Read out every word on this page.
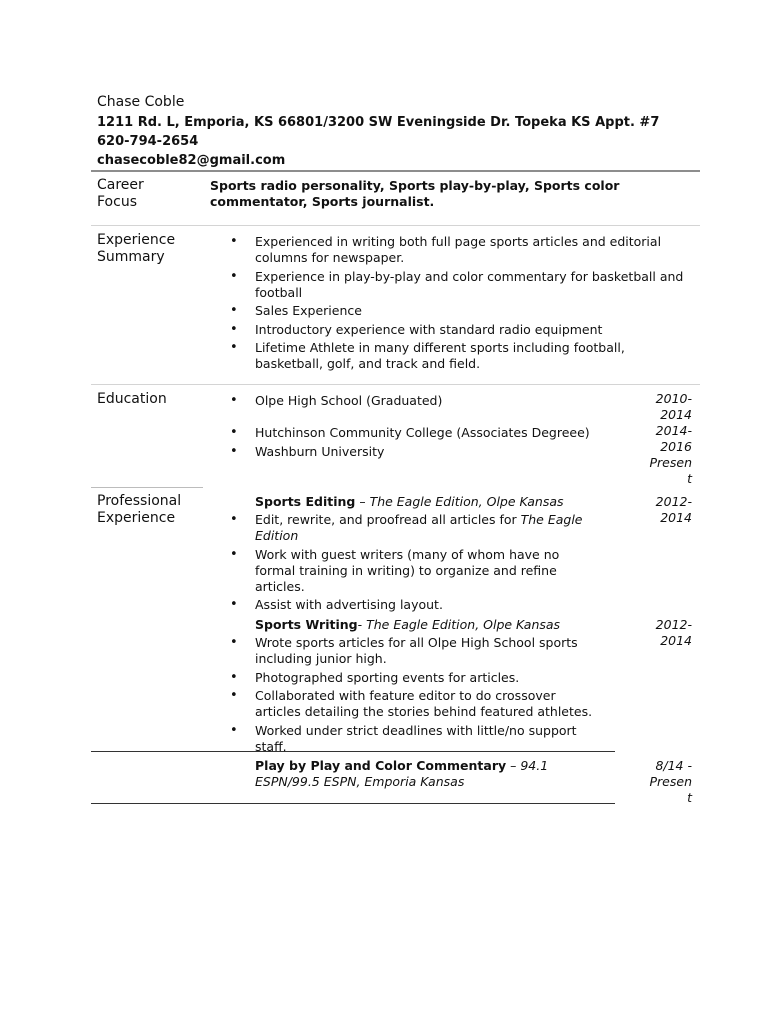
Chase Coble
1211 Rd. L, Emporia, KS 66801/3200 SW Eveningside Dr. Topeka KS Appt. #7
620-794-2654
chasecoble82@gmail.com
Career
Focus
Sports radio personality, Sports play-by-play, Sports color
commentator, Sports journalist.
Experience
Summary
• Experienced in writing both full page sports articles and editorial
columns for newspaper.
• Experience in play-by-play and color commentary for basketball and
football
• Sales Experience
• Introductory experience with standard radio equipment
• Lifetime Athlete in many different sports including football,
basketball, golf, and track and field.
Education
•	Olpe High School (Graduated)
• Hutchinson Community College (Associates Degreee)
• Washburn University
2010-
2014
2014-
2016
Presen
t
Professional
Experience
Sports Editing – The Eagle Edition, Olpe Kansas	2012-
2014
• Edit, rewrite, and proofread all articles for The Eagle
Edition
• Work with guest writers (many of whom have no
formal training in writing) to organize and refine
articles.
• Assist with advertising layout.
Sports Writing- The Eagle Edition, Olpe Kansas	2012-
2014
• Wrote sports articles for all Olpe High School sports
including junior high.
• Photographed sporting events for articles.
• Collaborated with feature editor to do crossover
articles detailing the stories behind featured athletes.
• Worked under strict deadlines with little/no support
staff.
Play by Play and Color Commentary – 94.1
ESPN/99.5 ESPN, Emporia Kansas
8/14 -
Presen
t
